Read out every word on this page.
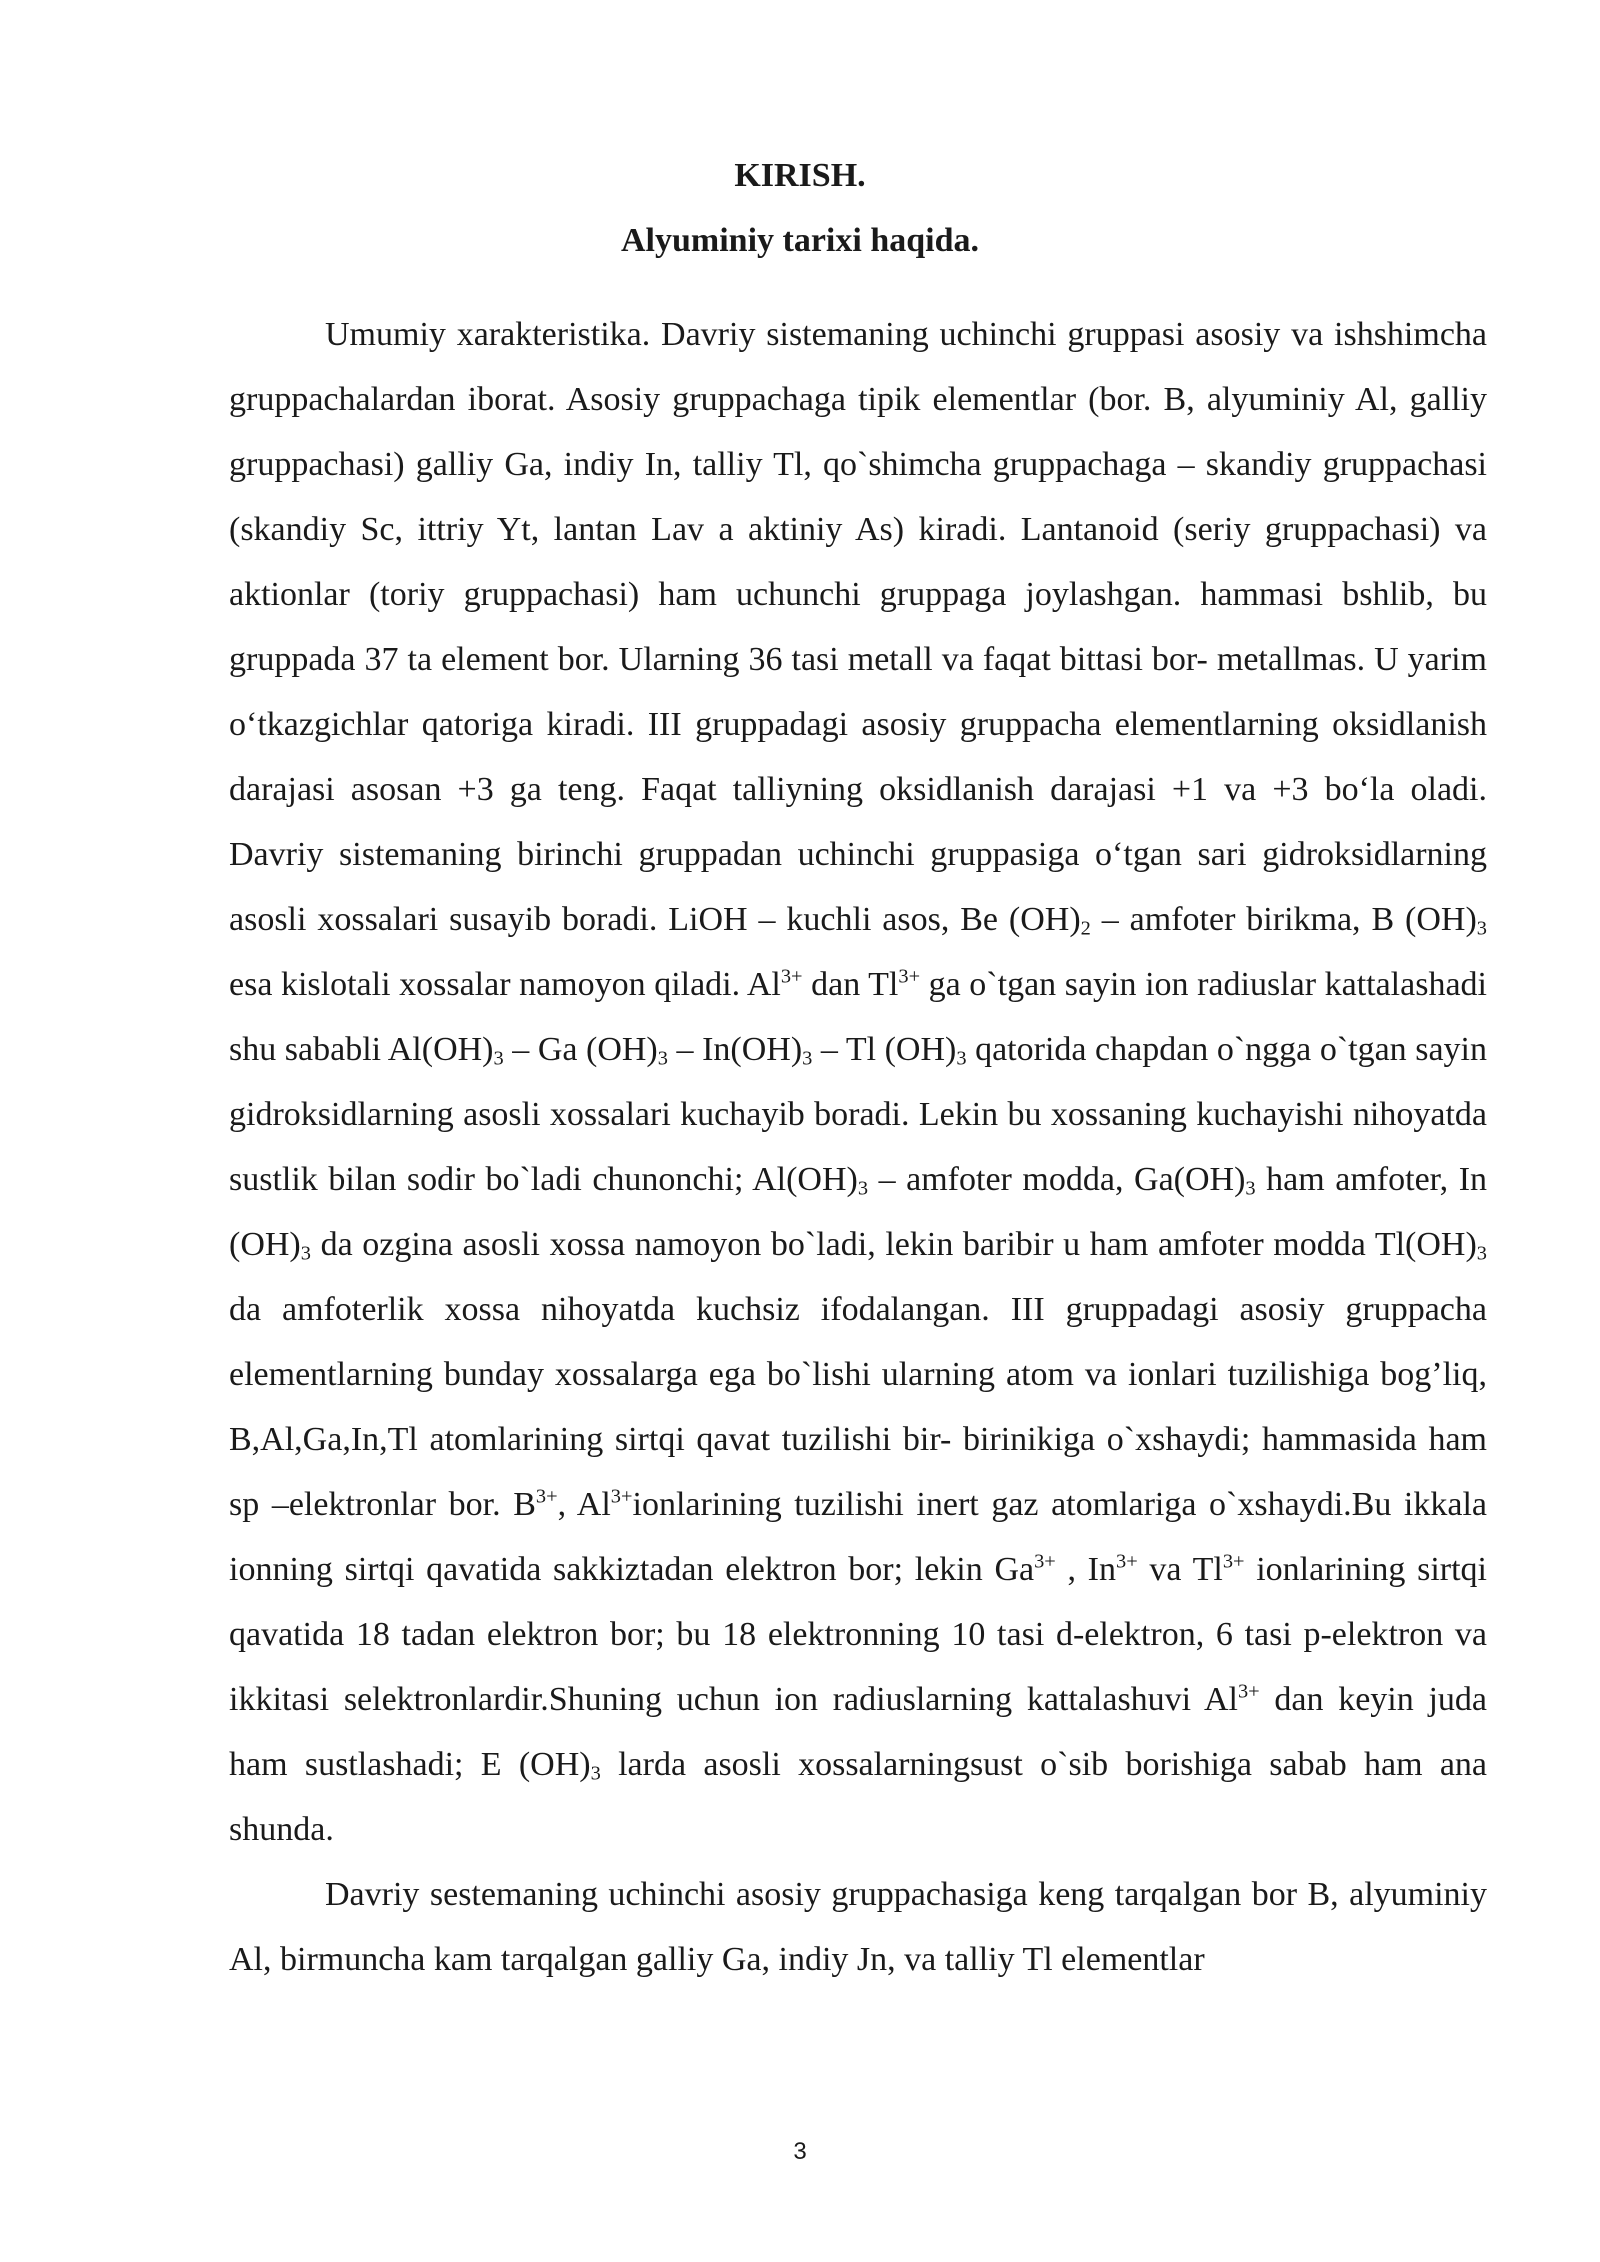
KIRISH.
Alyuminiy tarixi haqida.

Umumiy xarakteristika. Davriy sistemaning uchinchi gruppasi asosiy va ishshimcha gruppachalardan iborat. Asosiy gruppachaga tipik elementlar (bor. B, alyuminiy Al, galliy gruppachasi) galliy Ga, indiy In, talliy Tl, qo`shimcha gruppachaga – skandiy gruppachasi (skandiy Sc, ittriy Yt, lantan Lav a aktiniy As) kiradi. Lantanoid (seriy gruppachasi) va aktionlar (toriy gruppachasi) ham uchunchi gruppaga joylashgan. hammasi bshlib, bu gruppada 37 ta element bor. Ularning 36 tasi metall va faqat bittasi bor- metallmas. U yarim o‘tkazgichlar qatoriga kiradi. III gruppadagi asosiy gruppacha elementlarning oksidlanish darajasi asosan +3 ga teng. Faqat talliyning oksidlanish darajasi +1 va +3 bo‘la oladi. Davriy sistemaning birinchi gruppadan uchinchi gruppasiga o‘tgan sari gidroksidlarning asosli xossalari susayib boradi. LiOH – kuchli asos, Be $(OH)_2$ – amfoter birikma, B $(OH)_3$ esa kislotali xossalar namoyon qiladi. $Al^{3+}$ dan $Tl^{3+}$ ga o`tgan sayin ion radiuslar kattalashadi shu sababli $Al(OH)_3$ – Ga $(OH)_3 - In(OH)_3$ – Tl $(OH)_3$ qatorida chapdan o`ngga o`tgan sayin gidroksidlarning asosli xossalari kuchayib boradi. Lekin bu xossaning kuchayishi nihoyatda sustlik bilan sodir bo`ladi chunonchi; $Al(OH)_3$ – amfoter modda, $Ga(OH)_3$ ham amfoter, In $(OH)_3$ da ozgina asosli xossa namoyon bo`ladi, lekin baribir u ham amfoter modda $Tl(OH)_3$ da amfoterlik xossa nihoyatda kuchsiz ifodalangan. III gruppadagi asosiy gruppacha elementlarning bunday xossalarga ega bo`lishi ularning atom va ionlari tuzilishiga bog’liq, B,Al,Ga,In,Tl atomlarining sirtqi qavat tuzilishi bir- birinikiga o`xshaydi; hammasida ham sp –elektronlar bor. $B^{3+}$, $Al^{3+}ionlarining$ tuzilishi inert gaz atomlariga o`xshaydi.Bu ikkala ionning sirtqi qavatida sakkiztadan elektron bor; lekin $Ga^{3+}$ , $In^{3+}$ va $Tl^{3+}$ ionlarining sirtqi qavatida 18 tadan elektron bor; bu 18 elektronning 10 tasi d-elektron, 6 tasi p-elektron va ikkitasi selektronlardir.Shuning uchun ion radiuslarning kattalashuvi $Al^{3+}$ dan keyin juda ham sustlashadi; E $(OH)_3$ larda asosli xossalarningsust o`sib borishiga sabab ham ana shunda.

Davriy sestemaning uchinchi asosiy gruppachasiga keng tarqalgan bor B, alyuminiy Al, birmuncha kam tarqalgan galliy Ga, indiy Jn, va talliy Tl elementlar

3
